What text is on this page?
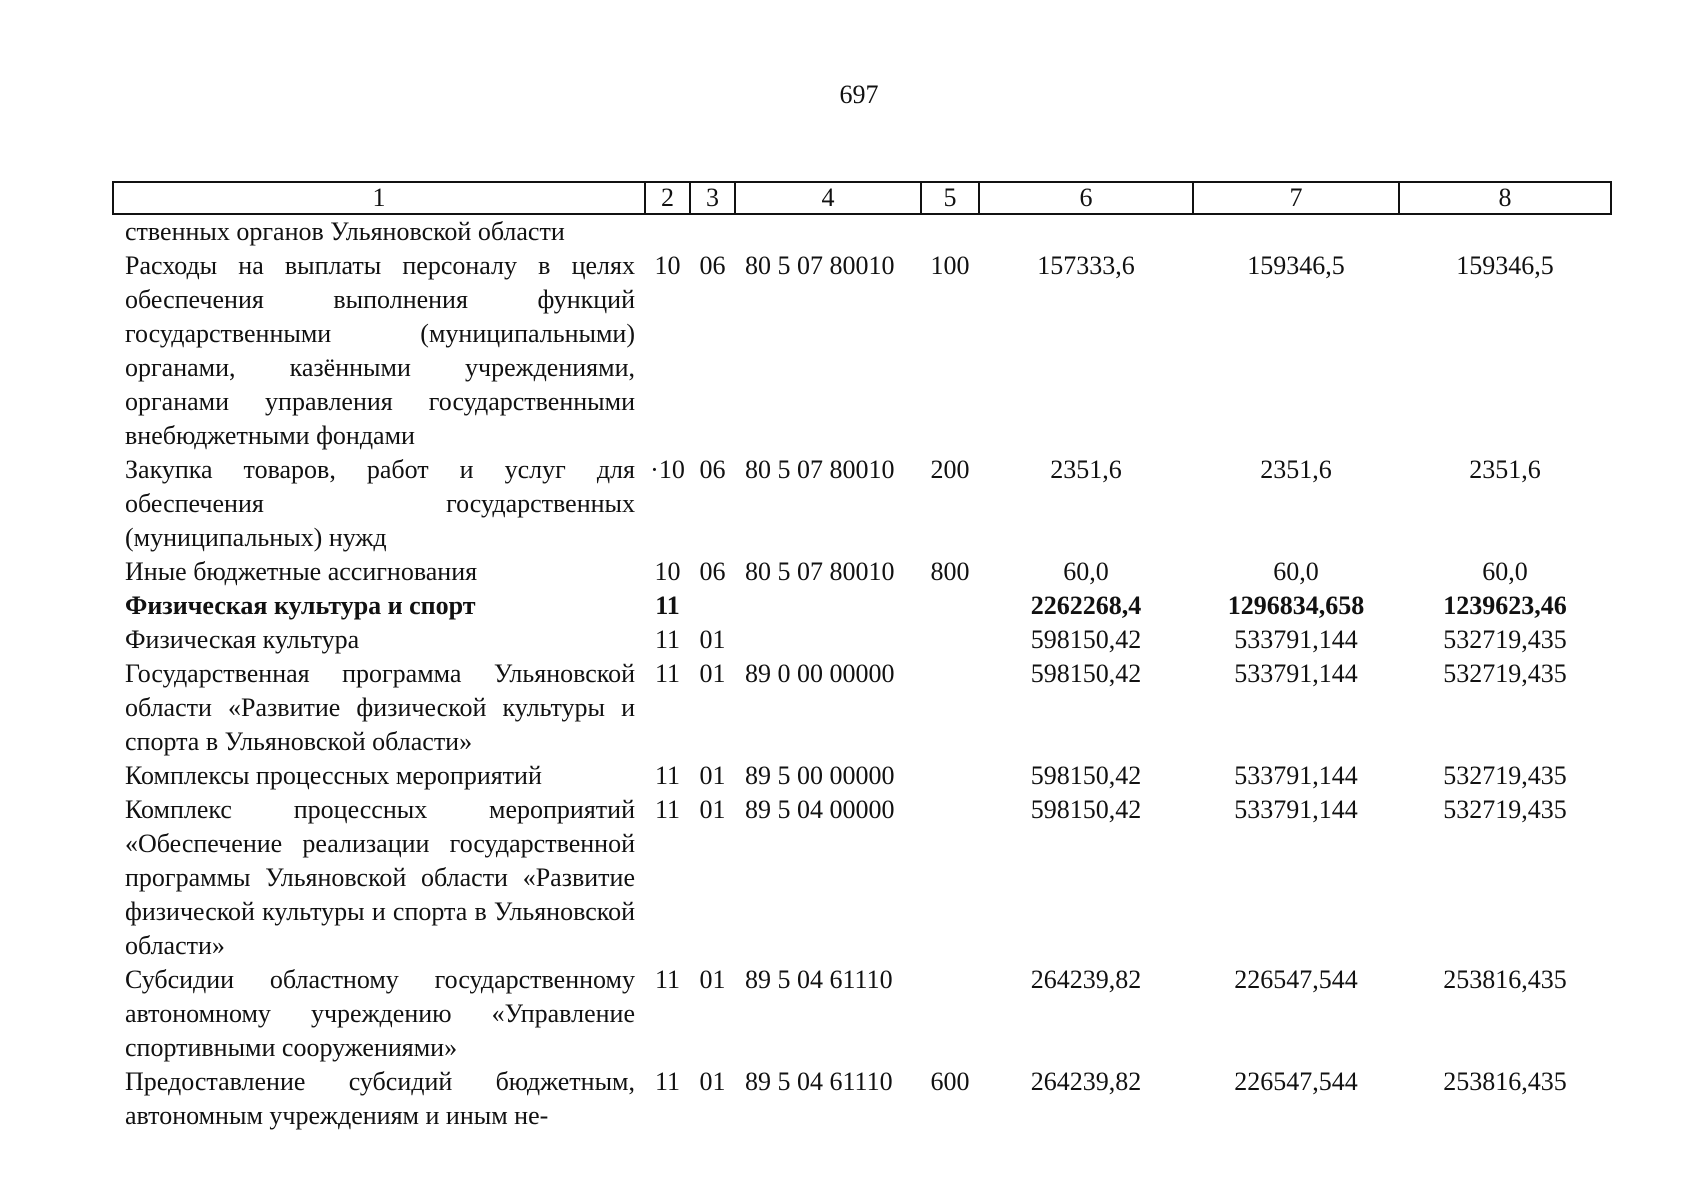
697
1	2	3	4	5	6	7	8
ственных органов Ульяновской области							
Расходы на выплаты персоналу в целях обеспечения выполнения функций государственными (муниципальными) органами, казёнными учреждениями, органами управления государственными внебюджетными фондами	10	06	80 5 07 80010	100	157333,6	159346,5	159346,5
Закупка товаров, работ и услуг для обеспечения государственных (муниципальных) нужд	·10	06	80 5 07 80010	200	2351,6	2351,6	2351,6
Иные бюджетные ассигнования	10	06	80 5 07 80010	800	60,0	60,0	60,0
Физическая культура и спорт	11				2262268,4	1296834,658	1239623,46
Физическая культура	11	01			598150,42	533791,144	532719,435
Государственная программа Ульяновской области «Развитие физической культуры и спорта в Ульяновской области»	11	01	89 0 00 00000		598150,42	533791,144	532719,435
Комплексы процессных мероприятий	11	01	89 5 00 00000		598150,42	533791,144	532719,435
Комплекс процессных мероприятий «Обеспечение реализации государственной программы Ульяновской области «Развитие физической культуры и спорта в Ульяновской области»	11	01	89 5 04 00000		598150,42	533791,144	532719,435
Субсидии областному государственному автономному учреждению «Управление спортивными сооружениями»	11	01	89 5 04 61110		264239,82	226547,544	253816,435
Предоставление субсидий бюджетным, автономным учреждениям и иным не-	11	01	89 5 04 61110	600	264239,82	226547,544	253816,435
